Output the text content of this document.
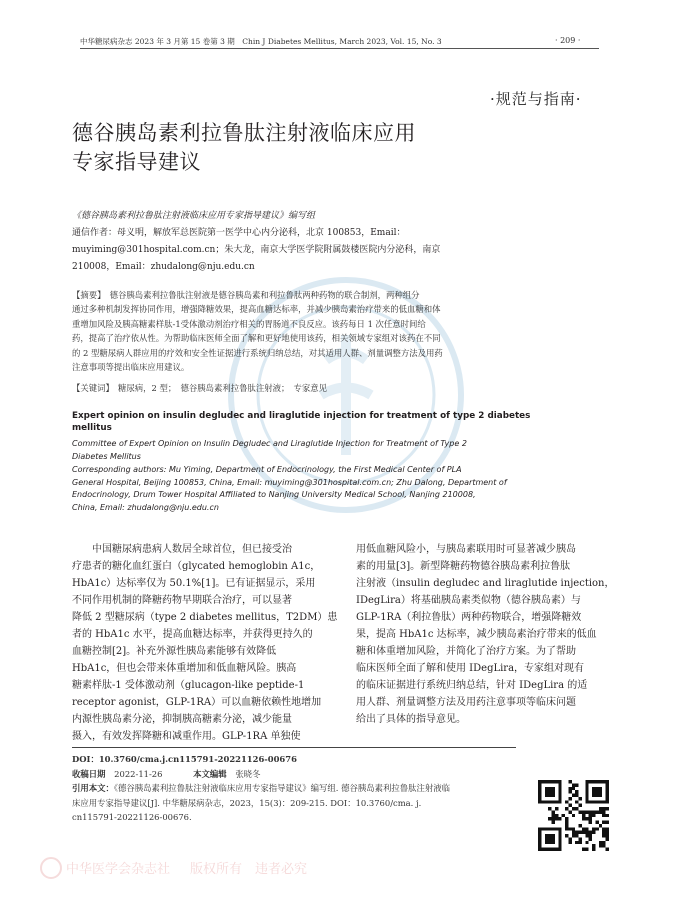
中华糖尿病杂志 2023 年 3 月第 15 卷第 3 期　Chin J Diabetes Mellitus, March 2023, Vol. 15, No. 3	· 209 ·
·规范与指南·
德谷胰岛素利拉鲁肽注射液临床应用
专家指导建议
《德谷胰岛素利拉鲁肽注射液临床应用专家指导建议》编写组
通信作者：母义明，解放军总医院第一医学中心内分泌科，北京 100853，Email：
muyiming@301hospital.com.cn；朱大龙，南京大学医学院附属鼓楼医院内分泌科，南京
210008，Email：zhudalong@nju.edu.cn
【摘要】　德谷胰岛素利拉鲁肽注射液是德谷胰岛素和利拉鲁肽两种药物的联合制剂，两种组分
通过多种机制发挥协同作用，增强降糖效果，提高血糖达标率，并减少胰岛素治疗带来的低血糖和体
重增加风险及胰高糖素样肽-1受体激动剂治疗相关的胃肠道不良反应。该药每日 1 次任意时间给
药，提高了治疗依从性。为帮助临床医师全面了解和更好地使用该药，相关领域专家组对该药在不同
的 2 型糖尿病人群应用的疗效和安全性证据进行系统归纳总结，对其适用人群、剂量调整方法及用药
注意事项等提出临床应用建议。
【关键词】　糖尿病，2 型；　德谷胰岛素利拉鲁肽注射液；　专家意见
Expert opinion on insulin degludec and liraglutide injection for treatment of type 2 diabetes
mellitus
Committee of Expert Opinion on Insulin Degludec and Liraglutide Injection for Treatment of Type 2
Diabetes Mellitus
Corresponding authors: Mu Yiming, Department of Endocrinology, the First Medical Center of PLA
General Hospital, Beijing 100853, China, Email: muyiming@301hospital.com.cn; Zhu Dalong, Department of
Endocrinology, Drum Tower Hospital Affiliated to Nanjing University Medical School, Nanjing 210008,
China, Email: zhudalong@nju.edu.cn
　　中国糖尿病患病人数居全球首位，但已接受治
疗患者的糖化血红蛋白（glycated hemoglobin A1c，
HbA1c）达标率仅为 50.1%[1]。已有证据显示，采用
不同作用机制的降糖药物早期联合治疗，可以显著
降低 2 型糖尿病（type 2 diabetes mellitus，T2DM）患
者的 HbA1c 水平，提高血糖达标率，并获得更持久的
血糖控制[2]。补充外源性胰岛素能够有效降低
HbA1c，但也会带来体重增加和低血糖风险。胰高
糖素样肽-1 受体激动剂（glucagon-like peptide-1
receptor agonist，GLP-1RA）可以血糖依赖性地增加
内源性胰岛素分泌，抑制胰高糖素分泌，减少能量
摄入，有效发挥降糖和减重作用。GLP-1RA 单独使
用低血糖风险小，与胰岛素联用时可显著减少胰岛
素的用量[3]。新型降糖药物德谷胰岛素利拉鲁肽
注射液（insulin degludec and liraglutide injection，
IDegLira）将基础胰岛素类似物（德谷胰岛素）与
GLP-1RA（利拉鲁肽）两种药物联合，增强降糖效
果，提高 HbA1c 达标率，减少胰岛素治疗带来的低血
糖和体重增加风险，并简化了治疗方案。为了帮助
临床医师全面了解和使用 IDegLira，专家组对现有
的临床证据进行系统归纳总结，针对 IDegLira 的适
用人群、剂量调整方法及用药注意事项等临床问题
给出了具体的指导意见。
DOI：10.3760/cma.j.cn115791-20221126-00676
收稿日期 2022-11-26	本文编辑 张晓冬
引用本文：《德谷胰岛素利拉鲁肽注射液临床应用专家指导建议》编写组. 德谷胰岛素利拉鲁肽注射液临
床应用专家指导建议[J]. 中华糖尿病杂志，2023，15(3)：209-215. DOI：10.3760/cma. j.
cn115791-20221126-00676.
中华医学会杂志社 版权所有　违者必究
